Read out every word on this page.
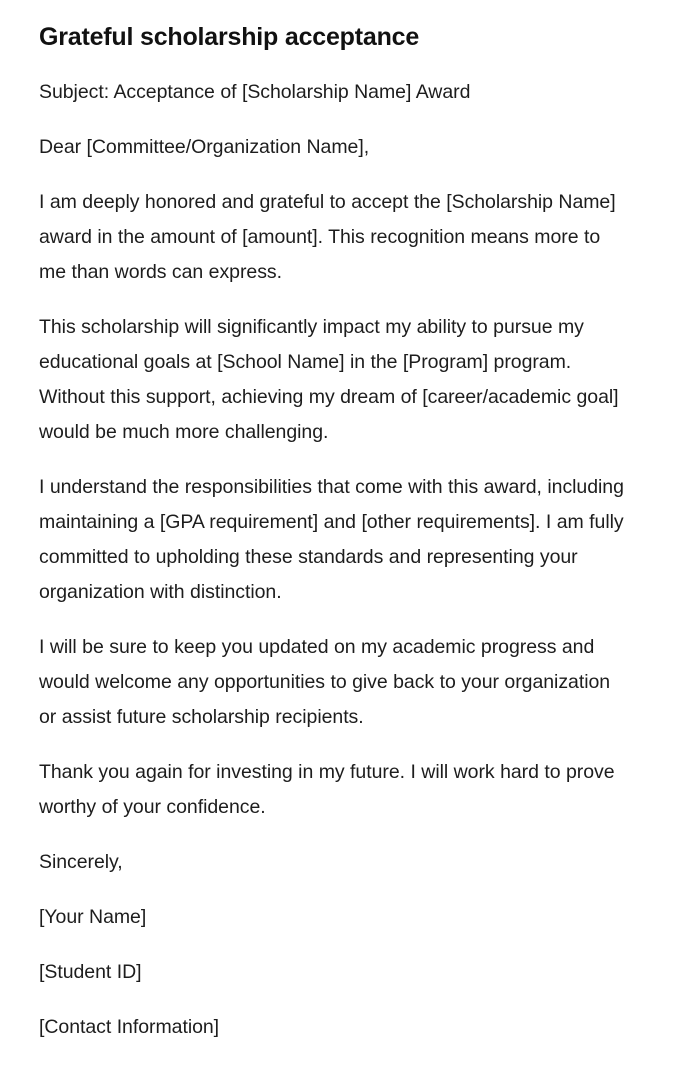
Grateful scholarship acceptance

Subject: Acceptance of [Scholarship Name] Award

Dear [Committee/Organization Name],

I am deeply honored and grateful to accept the [Scholarship Name] award in the amount of [amount]. This recognition means more to me than words can express.

This scholarship will significantly impact my ability to pursue my educational goals at [School Name] in the [Program] program. Without this support, achieving my dream of [career/academic goal] would be much more challenging.

I understand the responsibilities that come with this award, including maintaining a [GPA requirement] and [other requirements]. I am fully committed to upholding these standards and representing your organization with distinction.

I will be sure to keep you updated on my academic progress and would welcome any opportunities to give back to your organization or assist future scholarship recipients.

Thank you again for investing in my future. I will work hard to prove worthy of your confidence.

Sincerely,

[Your Name]

[Student ID]

[Contact Information]
